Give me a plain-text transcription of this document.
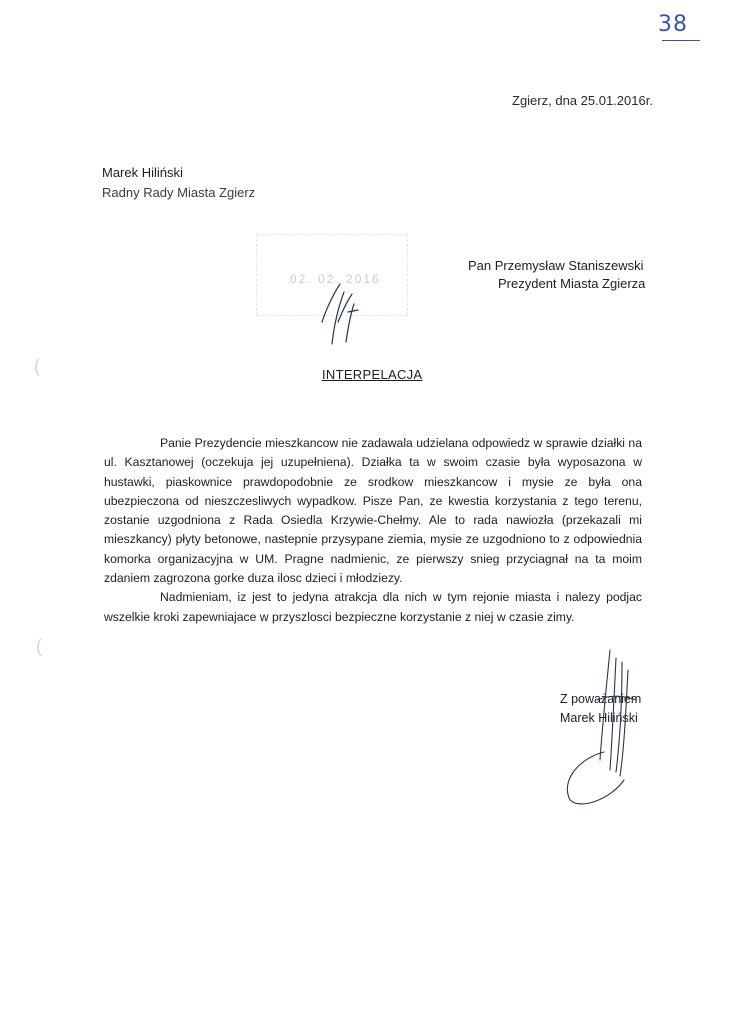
38
Zgierz, dna 25.01.2016r.
Marek Hiliński
Radny Rady Miasta Zgierz
02. 02. 2016
Pan Przemysław Staniszewski
Prezydent Miasta Zgierza
INTERPELACJA

Panie Prezydencie mieszkancow nie zadawala udzielana odpowiedz w sprawie działki na ul. Kasztanowej (oczekuja jej uzupełniena). Działka ta w swoim czasie była wyposazona w hustawki, piaskownice prawdopodobnie ze srodkow mieszkancow i mysie ze była ona ubezpieczona od nieszczesliwych wypadkow. Pisze Pan, ze kwestia korzystania z tego terenu, zostanie uzgodniona z Rada Osiedla Krzywie-Chełmy. Ale to rada nawiozła (przekazali mi mieszkancy) płyty betonowe, nastepnie przysypane ziemia, mysie ze uzgodniono to z odpowiednia komorka organizacyjna w UM. Pragne nadmienic, ze pierwszy snieg przyciagnał na ta moim zdaniem zagrozona gorke duza ilosc dzieci i młodziezy.

Nadmieniam, iz jest to jedyna atrakcja dla nich w tym rejonie miasta i nalezy podjac wszelkie kroki zapewniajace w przyszlosci bezpieczne korzystanie z niej w czasie zimy.

Z poważaniem
Marek Hiliński
(
(
